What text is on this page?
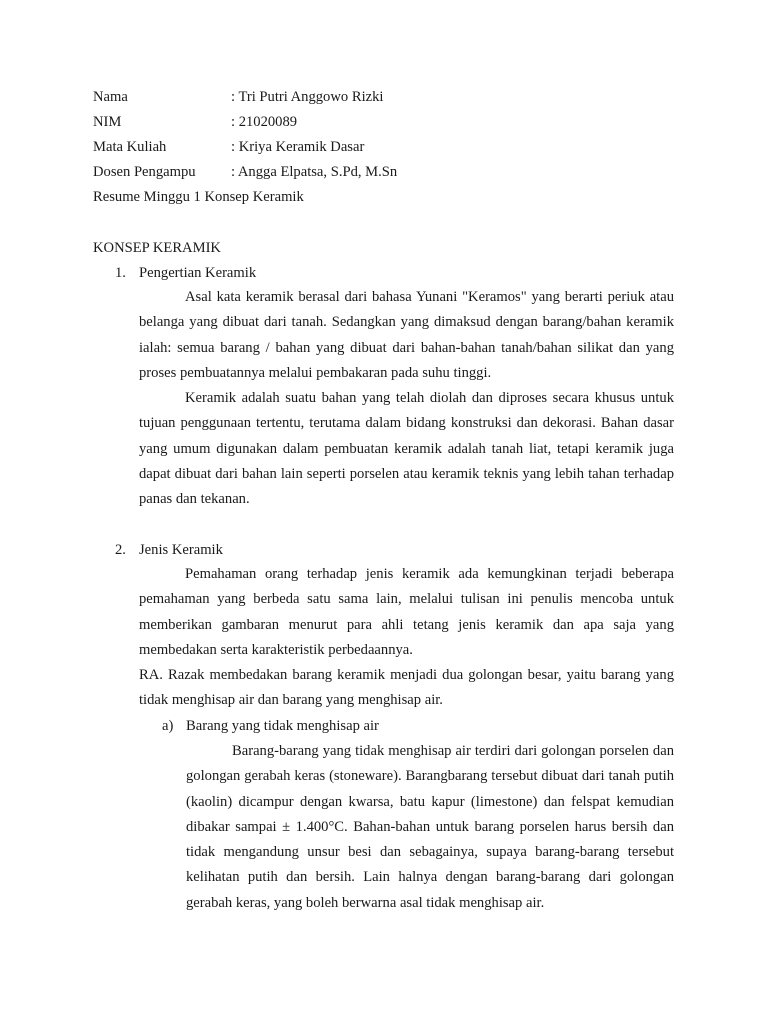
Nama	: Tri Putri Anggowo Rizki
NIM	: 21020089
Mata Kuliah	: Kriya Keramik Dasar
Dosen Pengampu : Angga Elpatsa, S.Pd, M.Sn
Resume Minggu 1 Konsep Keramik
KONSEP KERAMIK
1. Pengertian Keramik

Asal kata keramik berasal dari bahasa Yunani "Keramos" yang berarti periuk atau belanga yang dibuat dari tanah. Sedangkan yang dimaksud dengan barang/bahan keramik ialah: semua barang / bahan yang dibuat dari bahan-bahan tanah/bahan silikat dan yang proses pembuatannya melalui pembakaran pada suhu tinggi.

Keramik adalah suatu bahan yang telah diolah dan diproses secara khusus untuk tujuan penggunaan tertentu, terutama dalam bidang konstruksi dan dekorasi. Bahan dasar yang umum digunakan dalam pembuatan keramik adalah tanah liat, tetapi keramik juga dapat dibuat dari bahan lain seperti porselen atau keramik teknis yang lebih tahan terhadap panas dan tekanan.

2. Jenis Keramik

Pemahaman orang terhadap jenis keramik ada kemungkinan terjadi beberapa pemahaman yang berbeda satu sama lain, melalui tulisan ini penulis mencoba untuk memberikan gambaran menurut para ahli tetang jenis keramik dan apa saja yang membedakan serta karakteristik perbedaannya.

RA. Razak membedakan barang keramik menjadi dua golongan besar, yaitu barang yang tidak menghisap air dan barang yang menghisap air.

a) Barang yang tidak menghisap air

Barang-barang yang tidak menghisap air terdiri dari golongan porselen dan golongan gerabah keras (stoneware). Barangbarang tersebut dibuat dari tanah putih (kaolin) dicampur dengan kwarsa, batu kapur (limestone) dan felspat kemudian dibakar sampai ± 1.400°C. Bahan-bahan untuk barang porselen harus bersih dan tidak mengandung unsur besi dan sebagainya, supaya barang-barang tersebut kelihatan putih dan bersih. Lain halnya dengan barang-barang dari golongan gerabah keras, yang boleh berwarna asal tidak menghisap air.
